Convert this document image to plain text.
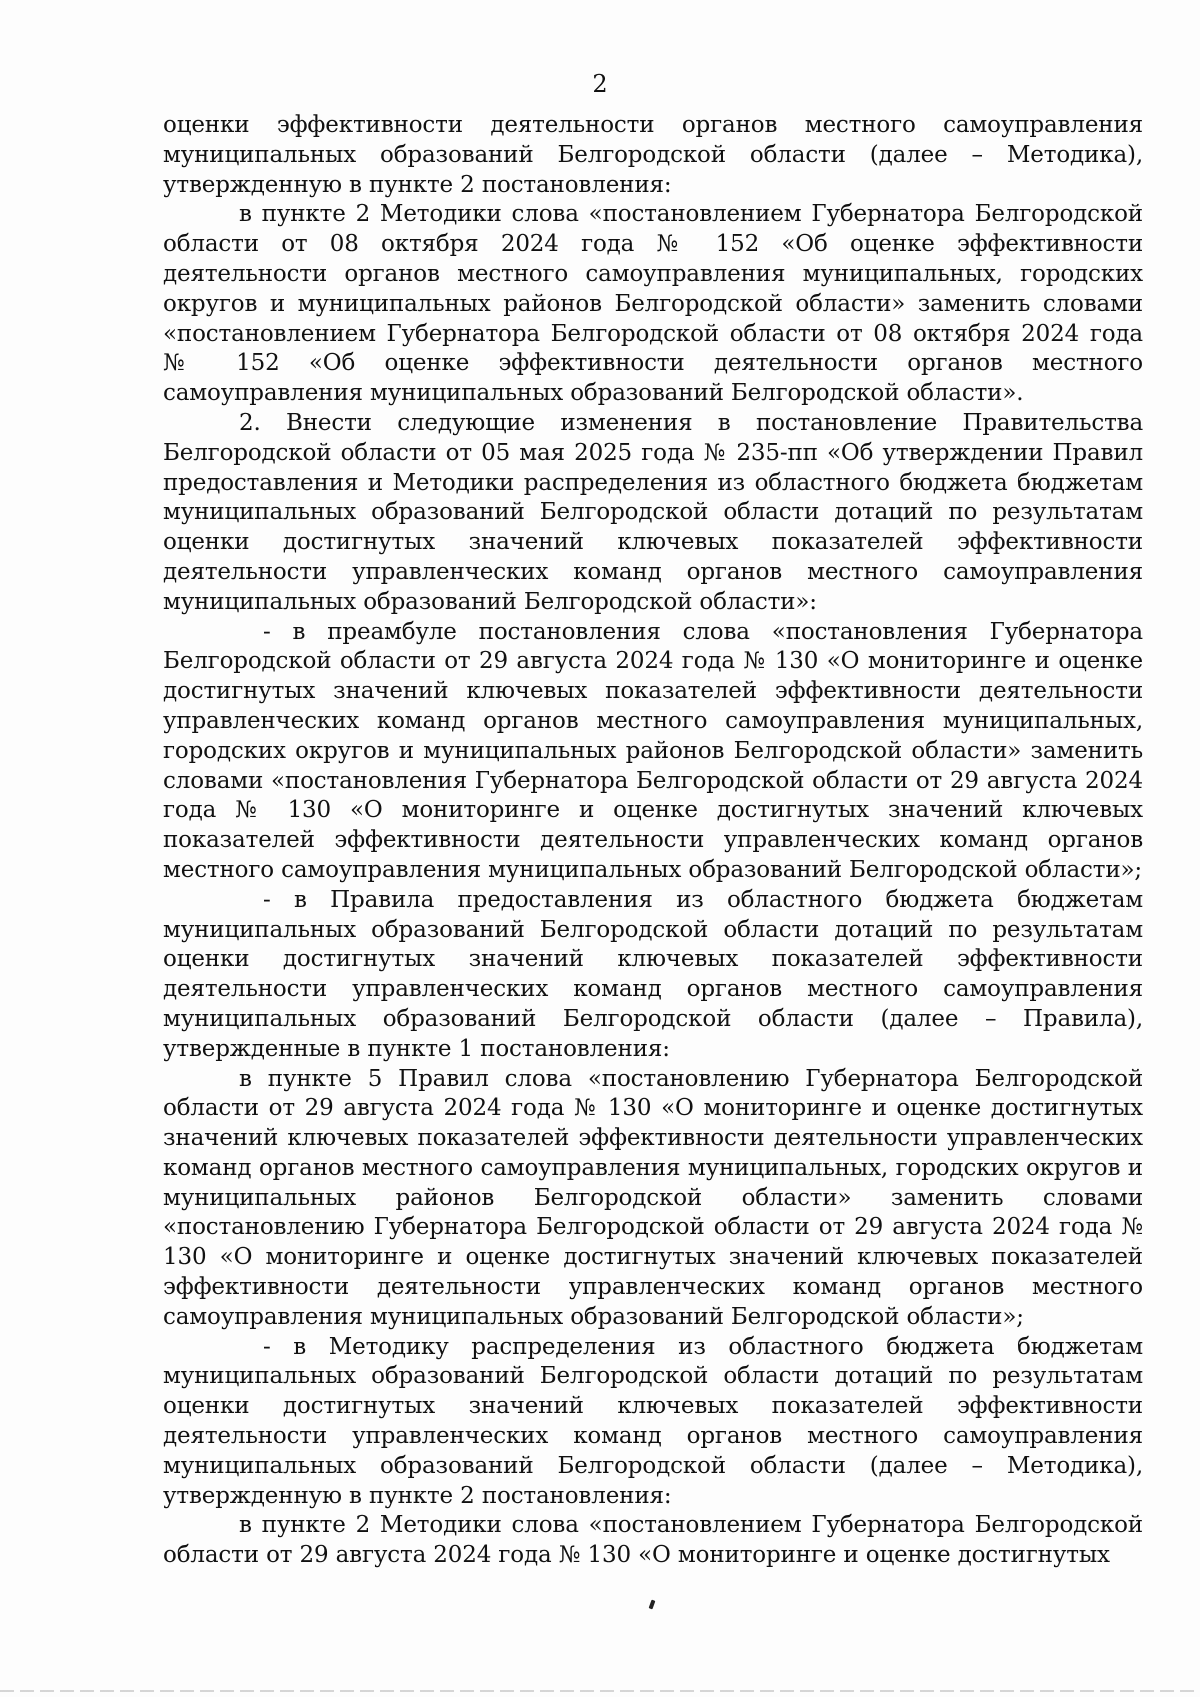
2

оценки эффективности деятельности органов местного самоуправления муниципальных образований Белгородской области (далее – Методика), утвержденную в пункте 2 постановления:

в пункте 2 Методики слова «постановлением Губернатора Белгородской области от 08 октября 2024 года № 152 «Об оценке эффективности деятельности органов местного самоуправления муниципальных, городских округов и муниципальных районов Белгородской области» заменить словами «постановлением Губернатора Белгородской области от 08 октября 2024 года № 152 «Об оценке эффективности деятельности органов местного самоуправления муниципальных образований Белгородской области».

2. Внести следующие изменения в постановление Правительства Белгородской области от 05 мая 2025 года № 235-пп «Об утверждении Правил предоставления и Методики распределения из областного бюджета бюджетам муниципальных образований Белгородской области дотаций по результатам оценки достигнутых значений ключевых показателей эффективности деятельности управленческих команд органов местного самоуправления муниципальных образований Белгородской области»:

- в преамбуле постановления слова «постановления Губернатора Белгородской области от 29 августа 2024 года № 130 «О мониторинге и оценке достигнутых значений ключевых показателей эффективности деятельности управленческих команд органов местного самоуправления муниципальных, городских округов и муниципальных районов Белгородской области» заменить словами «постановления Губернатора Белгородской области от 29 августа 2024 года № 130 «О мониторинге и оценке достигнутых значений ключевых показателей эффективности деятельности управленческих команд органов местного самоуправления муниципальных образований Белгородской области»;

- в Правила предоставления из областного бюджета бюджетам муниципальных образований Белгородской области дотаций по результатам оценки достигнутых значений ключевых показателей эффективности деятельности управленческих команд органов местного самоуправления муниципальных образований Белгородской области (далее – Правила), утвержденные в пункте 1 постановления:

в пункте 5 Правил слова «постановлению Губернатора Белгородской области от 29 августа 2024 года № 130 «О мониторинге и оценке достигнутых значений ключевых показателей эффективности деятельности управленческих команд органов местного самоуправления муниципальных, городских округов и муниципальных районов Белгородской области» заменить словами «постановлению Губернатора Белгородской области от 29 августа 2024 года № 130 «О мониторинге и оценке достигнутых значений ключевых показателей эффективности деятельности управленческих команд органов местного самоуправления муниципальных образований Белгородской области»;

- в Методику распределения из областного бюджета бюджетам муниципальных образований Белгородской области дотаций по результатам оценки достигнутых значений ключевых показателей эффективности деятельности управленческих команд органов местного самоуправления муниципальных образований Белгородской области (далее – Методика), утвержденную в пункте 2 постановления:

в пункте 2 Методики слова «постановлением Губернатора Белгородской области от 29 августа 2024 года № 130 «О мониторинге и оценке достигнутых
